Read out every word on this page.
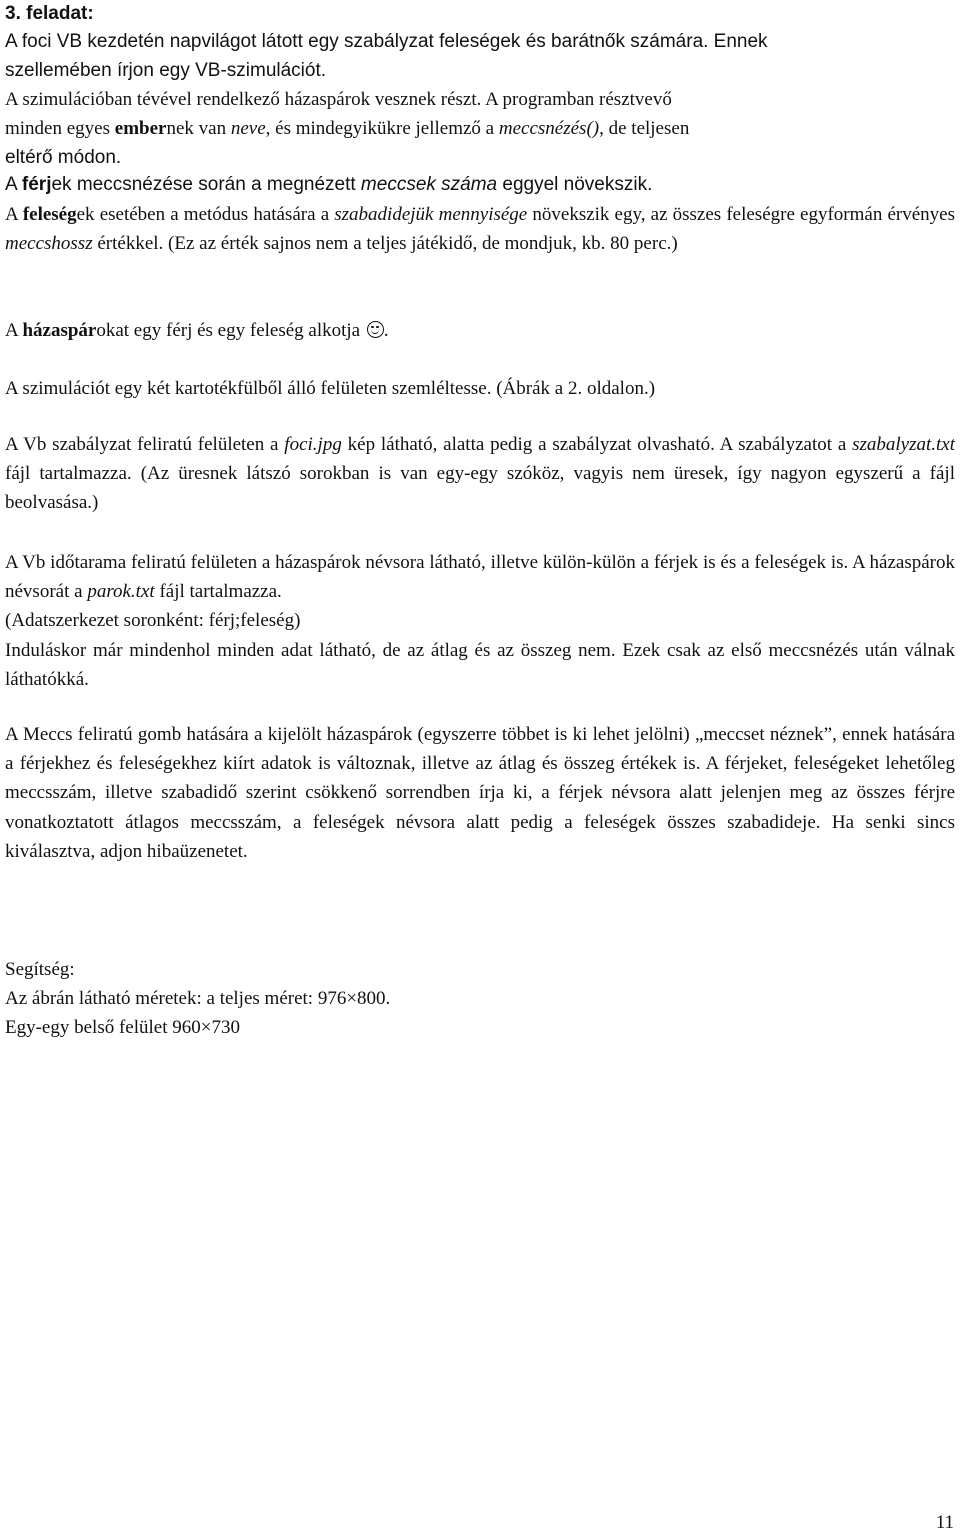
3. feladat:

A foci VB kezdetén napvilágot látott egy szabályzat feleségek és barátnők számára. Ennek
szellemében írjon egy VB-szimulációt.

A szimulációban tévével rendelkező házaspárok vesznek részt. A programban résztvevő
minden egyes embernek van neve, és mindegyikükre jellemző a meccsnézés(), de teljesen
eltérő módon.

A férjek meccsnézése során a megnézett meccsek száma eggyel növekszik.

A feleségek esetében a metódus hatására a szabadidejük mennyisége növekszik egy, az összes feleségre egyformán érvényes meccshossz értékkel. (Ez az érték sajnos nem a teljes játékidő, de mondjuk, kb. 80 perc.)

A házaspárokat egy férj és egy feleség alkotja .

A szimulációt egy két kartotékfülből álló felületen szemléltesse. (Ábrák a 2. oldalon.)

A Vb szabályzat feliratú felületen a foci.jpg kép látható, alatta pedig a szabályzat olvasható. A szabályzatot a szabalyzat.txt fájl tartalmazza. (Az üresnek látszó sorokban is van egy-egy szóköz, vagyis nem üresek, így nagyon egyszerű a fájl beolvasása.)

A Vb időtarama feliratú felületen a házaspárok névsora látható, illetve külön-külön a férjek is és a feleségek is. A házaspárok névsorát a parok.txt fájl tartalmazza.
(Adatszerkezet soronként: férj;feleség)
Induláskor már mindenhol minden adat látható, de az átlag és az összeg nem. Ezek csak az első meccsnézés után válnak láthatókká.

A Meccs feliratú gomb hatására a kijelölt házaspárok (egyszerre többet is ki lehet jelölni) „meccset néznek”, ennek hatására a férjekhez és feleségekhez kiírt adatok is változnak, illetve az átlag és összeg értékek is. A férjeket, feleségeket lehetőleg meccsszám, illetve szabadidő szerint csökkenő sorrendben írja ki, a férjek névsora alatt jelenjen meg az összes férjre vonatkoztatott átlagos meccsszám, a feleségek névsora alatt pedig a feleségek összes szabadideje. Ha senki sincs kiválasztva, adjon hibaüzenetet.

Segítség:
Az ábrán látható méretek: a teljes méret: 976×800.
Egy-egy belső felület 960×730

11
